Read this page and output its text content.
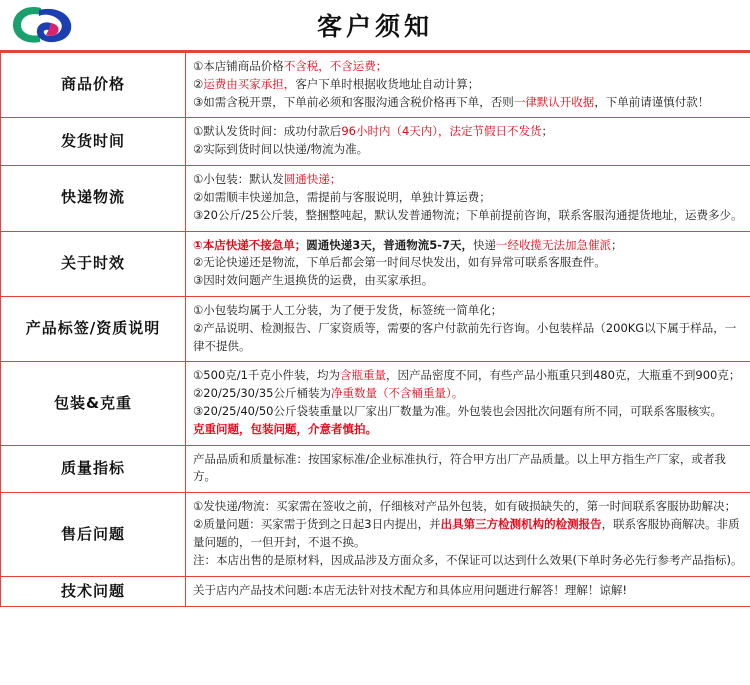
客户须知
商品价格	①本店铺商品价格不含税，不含运费；

②运费由买家承担，客户下单时根据收货地址自动计算；

③如需含税开票，下单前必须和客服沟通含税价格再下单，否则一律默认开收据，下单前请谨慎付款！

发货时间	①默认发货时间：成功付款后96小时内（4天内），法定节假日不发货；

②实际到货时间以快递/物流为准。

快递物流	①小包装：默认发圆通快递；

②如需顺丰快递加急，需提前与客服说明，单独计算运费；

③20公斤/25公斤装，整捆整吨起，默认发普通物流；下单前提前咨询，联系客服沟通提货地址，运费多少。

关于时效	①本店快递不接急单；圆通快递3天，普通物流5-7天，快递一经收揽无法加急催派；

②无论快递还是物流，下单后都会第一时间尽快发出，如有异常可联系客服查件。

③因时效问题产生退换货的运费，由买家承担。

产品标签/资质说明	①小包装均属于人工分装，为了便于发货，标签统一简单化；

②产品说明、检测报告、厂家资质等，需要的客户付款前先行咨询。小包装样品（200KG以下属于样品，一律不提供。

包装&克重	①500克/1千克小件装，均为含瓶重量，因产品密度不同，有些产品小瓶重只到480克，大瓶重不到900克；

②20/25/30/35公斤桶装为净重数量（不含桶重量）。

③20/25/40/50公斤袋装重量以厂家出厂数量为准。外包装也会因批次问题有所不同，可联系客服核实。

克重问题，包装问题，介意者慎拍。

质量指标	产品品质和质量标准：按国家标准/企业标准执行，符合甲方出厂产品质量。以上甲方指生产厂家，或者我方。

售后问题	①发快递/物流：买家需在签收之前，仔细核对产品外包装，如有破损缺失的，第一时间联系客服协助解决；

②质量问题：买家需于货到之日起3日内提出，并出具第三方检测机构的检测报告，联系客服协商解决。非质量问题的，一但开封，不退不换。

注：本店出售的是原材料，因成品涉及方面众多，不保证可以达到什么效果(下单时务必先行参考产品指标)。

技术问题	关于店内产品技术问题:本店无法针对技术配方和具体应用问题进行解答！理解！谅解!
